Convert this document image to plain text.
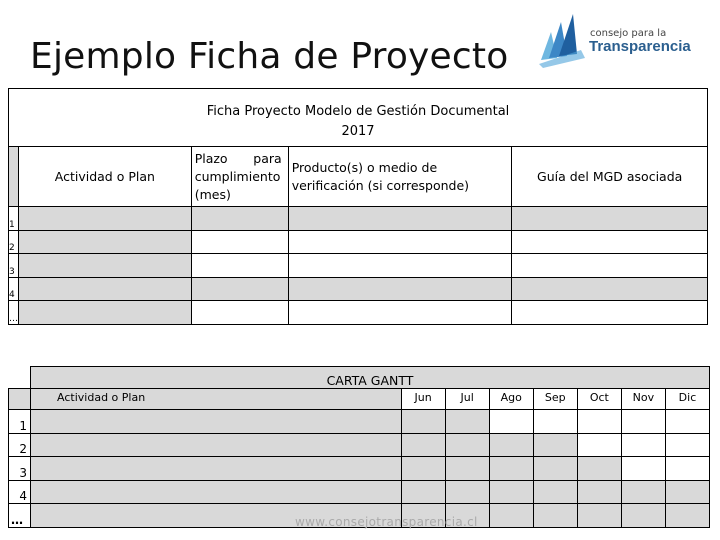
Ejemplo Ficha de Proyecto
consejo para la
Transparencia
Ficha Proyecto Modelo de Gestión Documental
2017				

	Actividad o Plan	Plazo para cumplimiento (mes)	Producto(s) o medio de verificación (si corresponde)	Guía del MGD asociada
1				
2				
3				
4				
…				
	CARTA GANTT							
	Actividad o Plan	Jun	Jul	Ago	Sep	Oct	Nov	Dic
1								
2								
3								
4								
…									www.consejotransparencia.cl
